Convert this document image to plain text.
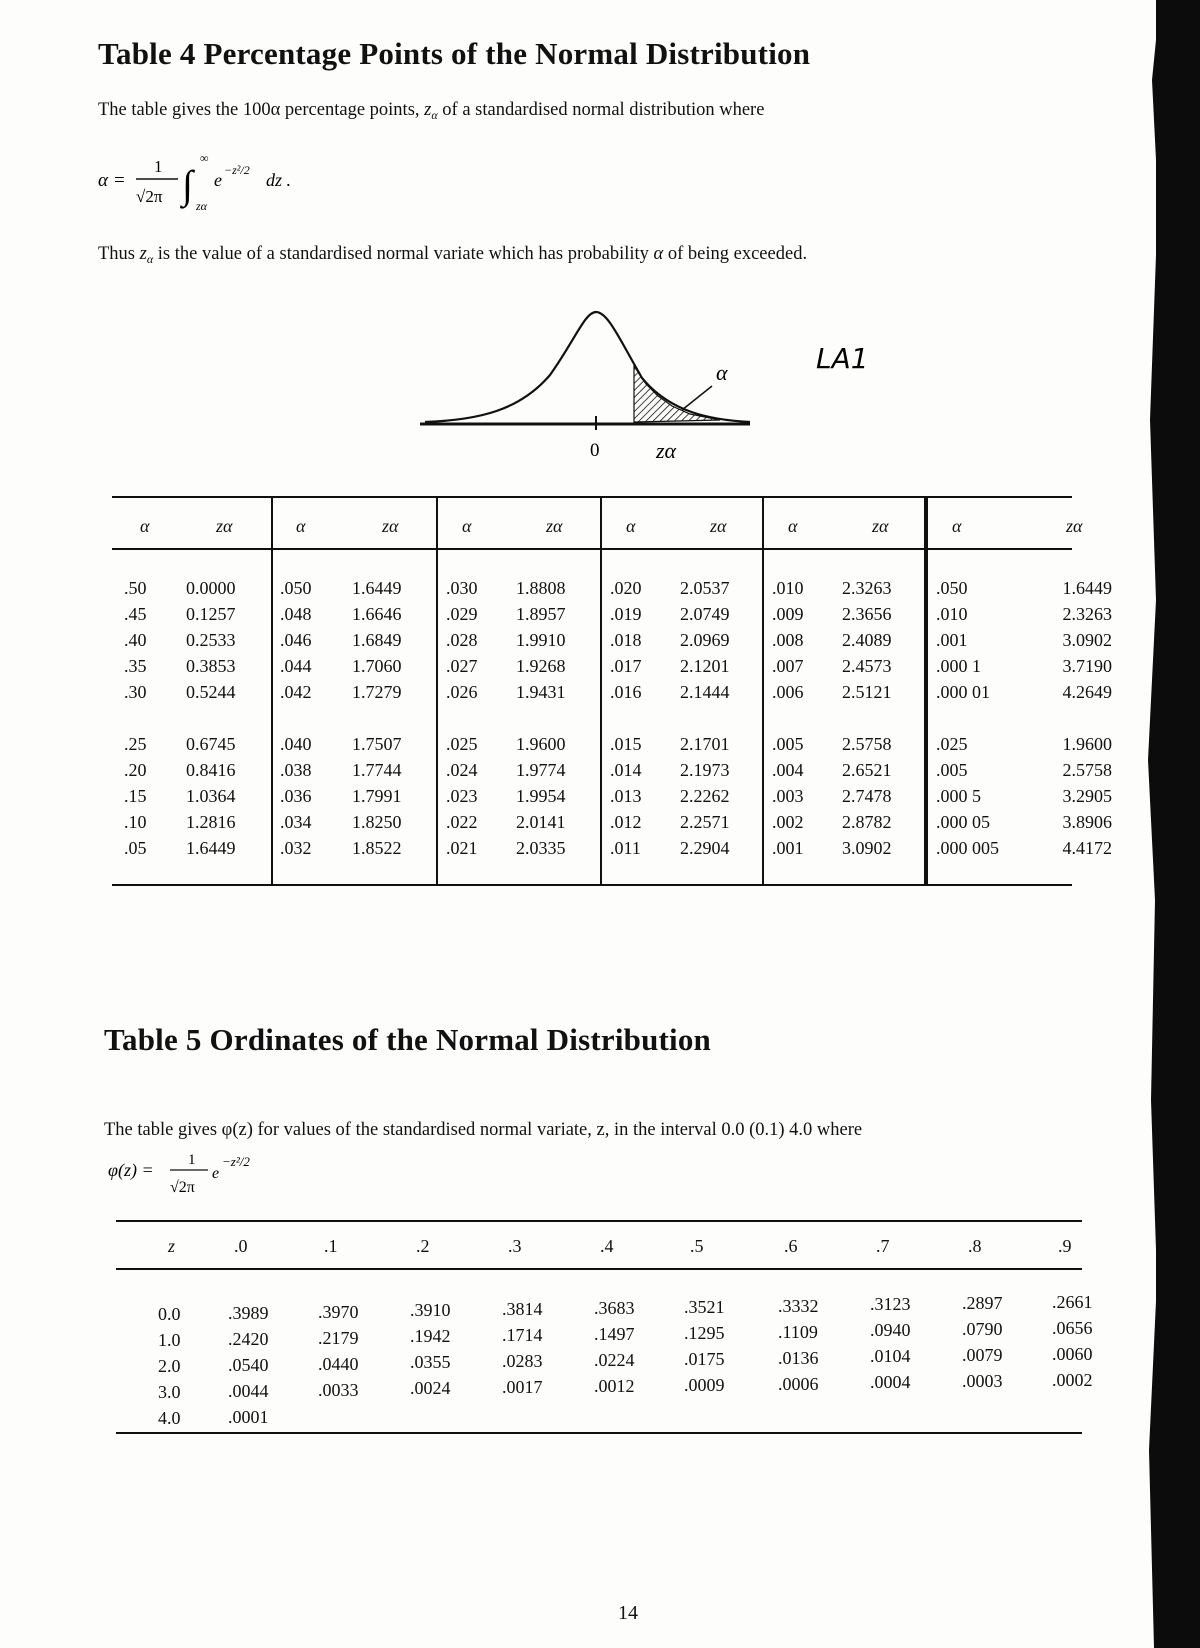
Table 4 Percentage Points of the Normal Distribution

The table gives the 100α percentage points, $z_\alpha$ of a standardised normal distribution where

α =
1
√2π ∫
∞
zα
e −z²/2 dz .

Thus $z_\alpha$ is the value of a standardised normal variate which has probability α of being exceeded.

α
0	zα
LA1
α	zα	α	zα	α	zα	α	zα	α	zα	α	zα
.50 0.0000 .050 1.6449 .030 1.8808 .020 2.0537 .010 2.3263 .050	1.6449
.45 0.1257 .048 1.6646 .029 1.8957 .019 2.0749 .009 2.3656 .010	2.3263
.40 0.2533 .046 1.6849 .028 1.9910 .018 2.0969 .008 2.4089 .001	3.0902
.35 0.3853 .044 1.7060 .027 1.9268 .017 2.1201 .007 2.4573 .000 1	3.7190
.30 0.5244 .042 1.7279 .026 1.9431 .016 2.1444 .006 2.5121 .000 01	4.2649
.25 0.6745 .040 1.7507 .025 1.9600 .015 2.1701 .005 2.5758 .025	1.9600
.20 0.8416 .038 1.7744 .024 1.9774 .014 2.1973 .004 2.6521 .005	2.5758
.15 1.0364 .036 1.7991 .023 1.9954 .013 2.2262 .003 2.7478 .000 5	3.2905
.10 1.2816 .034 1.8250 .022 2.0141 .012 2.2571 .002 2.8782 .000 05	3.8906
.05 1.6449 .032 1.8522 .021 2.0335 .011 2.2904 .001 3.0902 .000 005	4.4172
Table 5 Ordinates of the Normal Distribution

The table gives φ(z) for values of the standardised normal variate, z, in the interval 0.0 (0.1) 4.0 where

φ(z) = 1
√2π
e
−z²/2
z	.0	.1	.2	.3	.4	.5	.6	.7	.8	.9
0.0	.3989	.3970	.3910	.3814	.3683	.3521	.3332	.3123	.2897	.2661
1.0	.2420	.2179	.1942	.1714	.1497	.1295	.1109	.0940	.0790	.0656
2.0	.0540	.0440	.0355	.0283	.0224	.0175	.0136	.0104	.0079	.0060
3.0	.0044	.0033	.0024	.0017	.0012	.0009	.0006	.0004	.0003	.0002
4.0	.0001
14
